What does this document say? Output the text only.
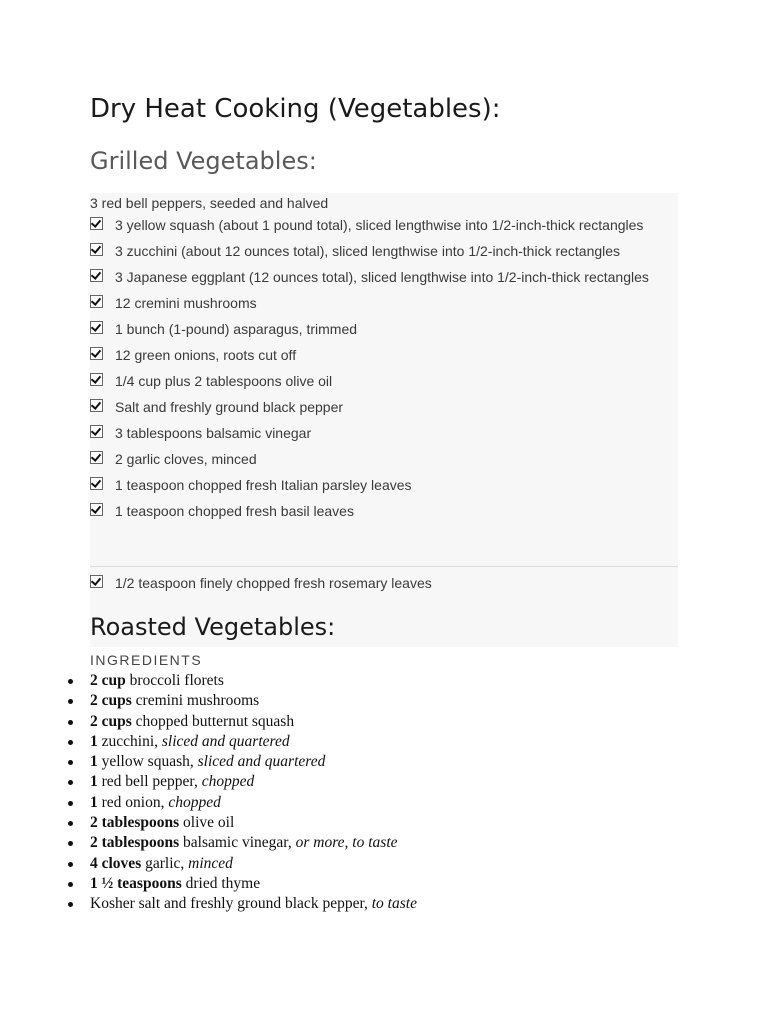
Dry Heat Cooking (Vegetables):
Grilled Vegetables:
3 red bell peppers, seeded and halved
3 yellow squash (about 1 pound total), sliced lengthwise into 1/2-inch-thick rectangles
3 zucchini (about 12 ounces total), sliced lengthwise into 1/2-inch-thick rectangles
3 Japanese eggplant (12 ounces total), sliced lengthwise into 1/2-inch-thick rectangles
12 cremini mushrooms
1 bunch (1-pound) asparagus, trimmed
12 green onions, roots cut off
1/4 cup plus 2 tablespoons olive oil
Salt and freshly ground black pepper
3 tablespoons balsamic vinegar
2 garlic cloves, minced
1 teaspoon chopped fresh Italian parsley leaves
1 teaspoon chopped fresh basil leaves
1/2 teaspoon finely chopped fresh rosemary leaves
Roasted Vegetables:
INGREDIENTS
2 cup broccoli florets
2 cups cremini mushrooms
2 cups chopped butternut squash
1 zucchini, sliced and quartered
1 yellow squash, sliced and quartered
1 red bell pepper, chopped
1 red onion, chopped
2 tablespoons olive oil
2 tablespoons balsamic vinegar, or more, to taste
4 cloves garlic, minced
1 ½ teaspoons dried thyme
Kosher salt and freshly ground black pepper, to taste
